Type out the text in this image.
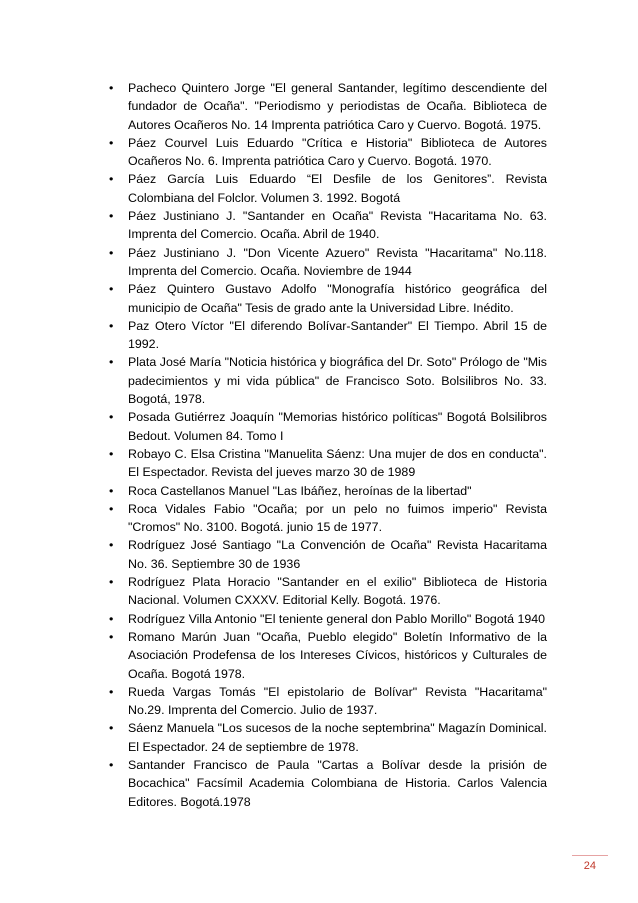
•	Pacheco Quintero Jorge "El general Santander, legítimo descendiente del fundador de Ocaña". "Periodismo y periodistas de Ocaña. Biblioteca de Autores Ocañeros No. 14 Imprenta patriótica Caro y Cuervo. Bogotá. 1975.
•	Páez Courvel Luis Eduardo "Crítica e Historia" Biblioteca de Autores Ocañeros No. 6. Imprenta patriótica Caro y Cuervo. Bogotá. 1970.
•	Páez García Luis Eduardo “El Desfile de los Genitores”. Revista Colombiana del Folclor. Volumen 3. 1992. Bogotá
•	Páez Justiniano J. "Santander en Ocaña" Revista "Hacaritama No. 63. Imprenta del Comercio. Ocaña. Abril de 1940.
•	Páez Justiniano J. "Don Vicente Azuero" Revista "Hacaritama" No.118. Imprenta del Comercio. Ocaña. Noviembre de 1944
•	Páez Quintero Gustavo Adolfo "Monografía histórico geográfica del municipio de Ocaña" Tesis de grado ante la Universidad Libre. Inédito.
•	Paz Otero Víctor "El diferendo Bolívar-Santander" El Tiempo. Abril 15 de 1992.
•	Plata José María "Noticia histórica y biográfica del Dr. Soto" Prólogo de "Mis padecimientos y mi vida pública" de Francisco Soto. Bolsilibros No. 33. Bogotá, 1978.
•	Posada Gutiérrez Joaquín "Memorias histórico políticas" Bogotá Bolsilibros Bedout. Volumen 84. Tomo I
•	Robayo C. Elsa Cristina "Manuelita Sáenz: Una mujer de dos en conducta". El Espectador. Revista del jueves marzo 30 de 1989
•	Roca Castellanos Manuel "Las Ibáñez, heroínas de la libertad"
•	Roca Vidales Fabio "Ocaña; por un pelo no fuimos imperio" Revista "Cromos" No. 3100. Bogotá. junio 15 de 1977.
•	Rodríguez José Santiago "La Convención de Ocaña" Revista Hacaritama No. 36. Septiembre 30 de 1936
•	Rodríguez Plata Horacio "Santander en el exilio" Biblioteca de Historia Nacional. Volumen CXXXV. Editorial Kelly. Bogotá. 1976.
•	Rodríguez Villa Antonio "El teniente general don Pablo Morillo" Bogotá 1940
•	Romano Marún Juan "Ocaña, Pueblo elegido" Boletín Informativo de la Asociación Prodefensa de los Intereses Cívicos, históricos y Culturales de Ocaña. Bogotá 1978.
•	Rueda Vargas Tomás "El epistolario de Bolívar" Revista "Hacaritama" No.29. Imprenta del Comercio. Julio de 1937.
•	Sáenz Manuela "Los sucesos de la noche septembrina" Magazín Dominical. El Espectador. 24 de septiembre de 1978.
•	Santander Francisco de Paula "Cartas a Bolívar desde la prisión de Bocachica" Facsímil Academia Colombiana de Historia. Carlos Valencia Editores. Bogotá.1978
24
